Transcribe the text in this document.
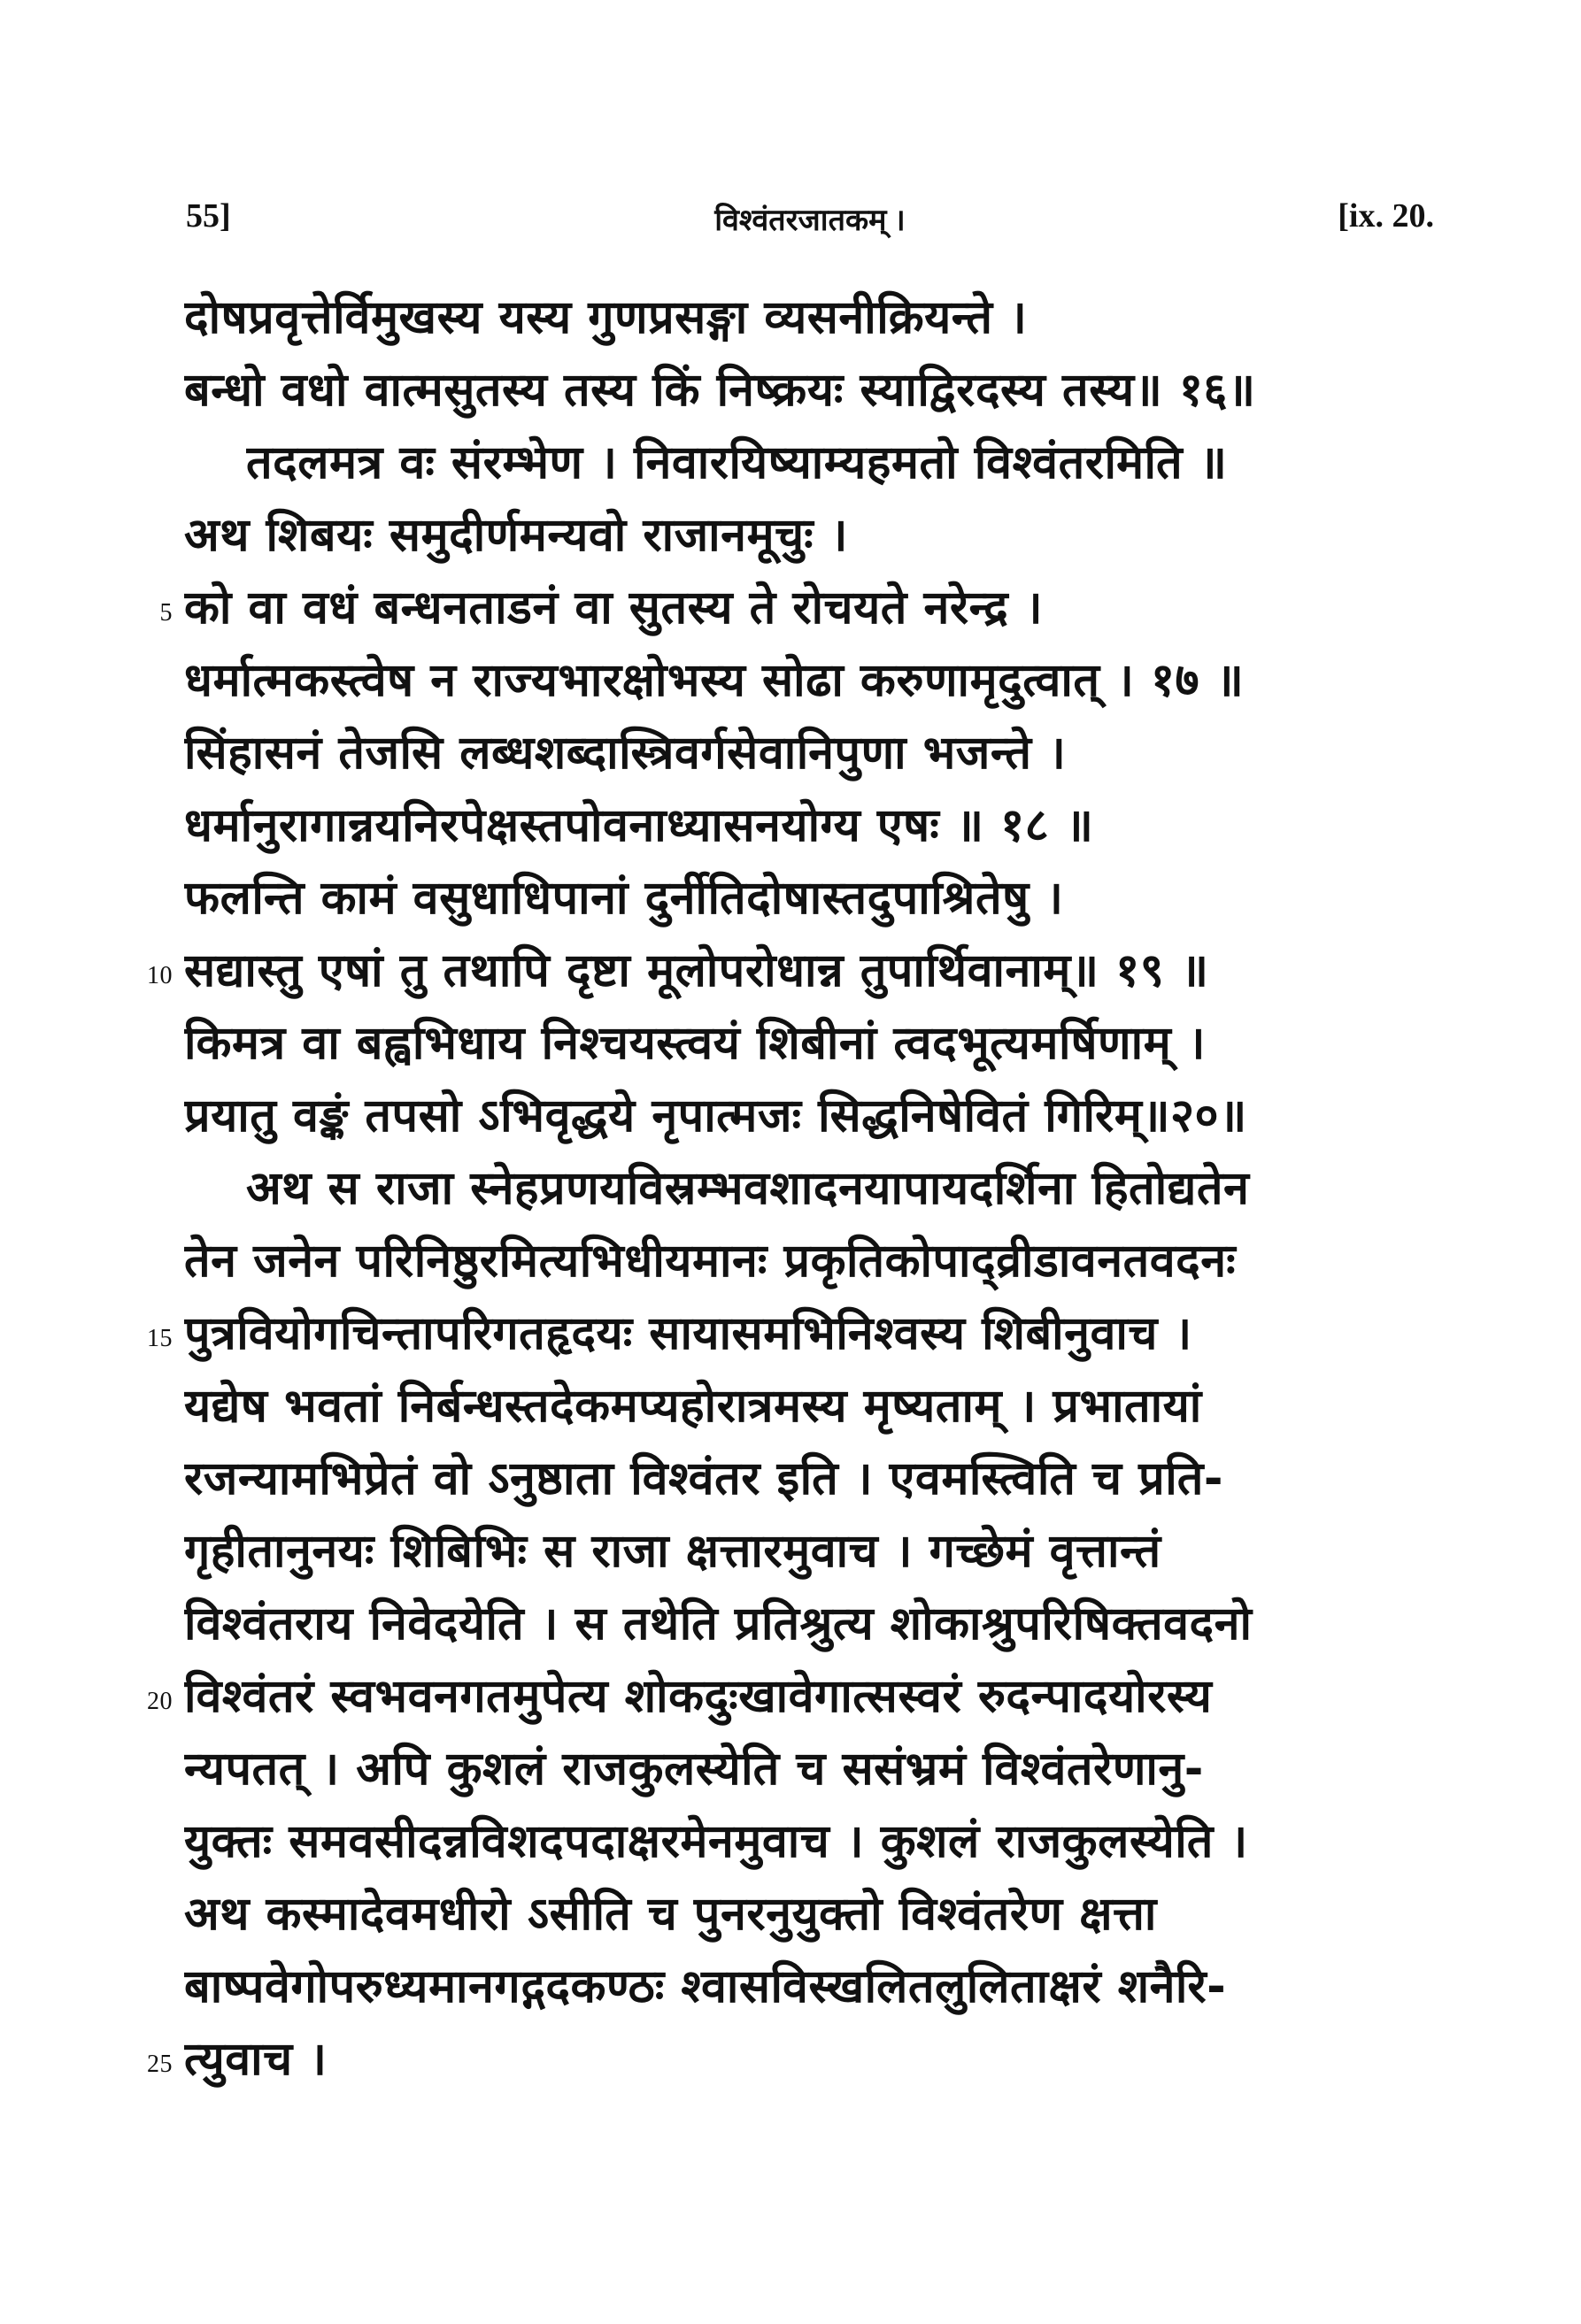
55]	विश्वंतरजातकम् ।	[ix. 20.
दोषप्रवृत्तेर्विमुखस्य यस्य गुणप्रसङ्गा व्यसनीक्रियन्ते ।
बन्धो वधो वात्मसुतस्य तस्य किं निष्क्रयः स्याद्विरदस्य तस्य॥ १६॥
तदलमत्र वः संरम्भेण । निवारयिष्याम्यहमतो विश्वंतरमिति ॥
अथ शिबयः समुदीर्णमन्यवो राजानमूचुः ।
5 को वा वधं बन्धनताडनं वा सुतस्य ते रोचयते नरेन्द्र ।
धर्मात्मकस्त्वेष न राज्यभारक्षोभस्य सोढा करुणामृदुत्वात् । १७ ॥
सिंहासनं तेजसि लब्धशब्दास्त्रिवर्गसेवानिपुणा भजन्ते ।
धर्मानुरागान्नयनिरपेक्षस्तपोवनाध्यासनयोग्य एषः ॥ १८ ॥
फलन्ति कामं वसुधाधिपानां दुर्नीतिदोषास्तदुपाश्रितेषु ।
10 सद्यास्तु एषां तु तथापि दृष्टा मूलोपरोधान्न तुपार्थिवानाम्॥ १९ ॥
किमत्र वा बह्वभिधाय निश्चयस्त्वयं शिबीनां त्वदभूत्यमर्षिणाम् ।
प्रयातु वङ्कं तपसो ऽभिवृद्धये नृपात्मजः सिद्धनिषेवितं गिरिम्॥२०॥
अथ स राजा स्नेहप्रणयविस्रम्भवशादनयापायदर्शिना हितोद्यतेन
तेन जनेन परिनिष्ठुरमित्यभिधीयमानः प्रकृतिकोपाद्व्रीडावनतवदनः
15 पुत्रवियोगचिन्तापरिगतहृदयः सायासमभिनिश्वस्य शिबीनुवाच ।
यद्येष भवतां निर्बन्धस्तदेकमप्यहोरात्रमस्य मृष्यताम् । प्रभातायां
रजन्यामभिप्रेतं वो ऽनुष्ठाता विश्वंतर इति । एवमस्त्विति च प्रति-
गृहीतानुनयः शिबिभिः स राजा क्षत्तारमुवाच । गच्छेमं वृत्तान्तं
विश्वंतराय निवेदयेति । स तथेति प्रतिश्रुत्य शोकाश्रुपरिषिक्तवदनो
20 विश्वंतरं स्वभवनगतमुपेत्य शोकदुःखावेगात्सस्वरं रुदन्पादयोरस्य
न्यपतत् । अपि कुशलं राजकुलस्येति च ससंभ्रमं विश्वंतरेणानु-
युक्तः समवसीदन्नविशदपदाक्षरमेनमुवाच । कुशलं राजकुलस्येति ।
अथ कस्मादेवमधीरो ऽसीति च पुनरनुयुक्तो विश्वंतरेण क्षत्ता
बाष्पवेगोपरुध्यमानगद्गदकण्ठः श्वासविस्खलितलुलिताक्षरं शनैरि-
25 त्युवाच ।
